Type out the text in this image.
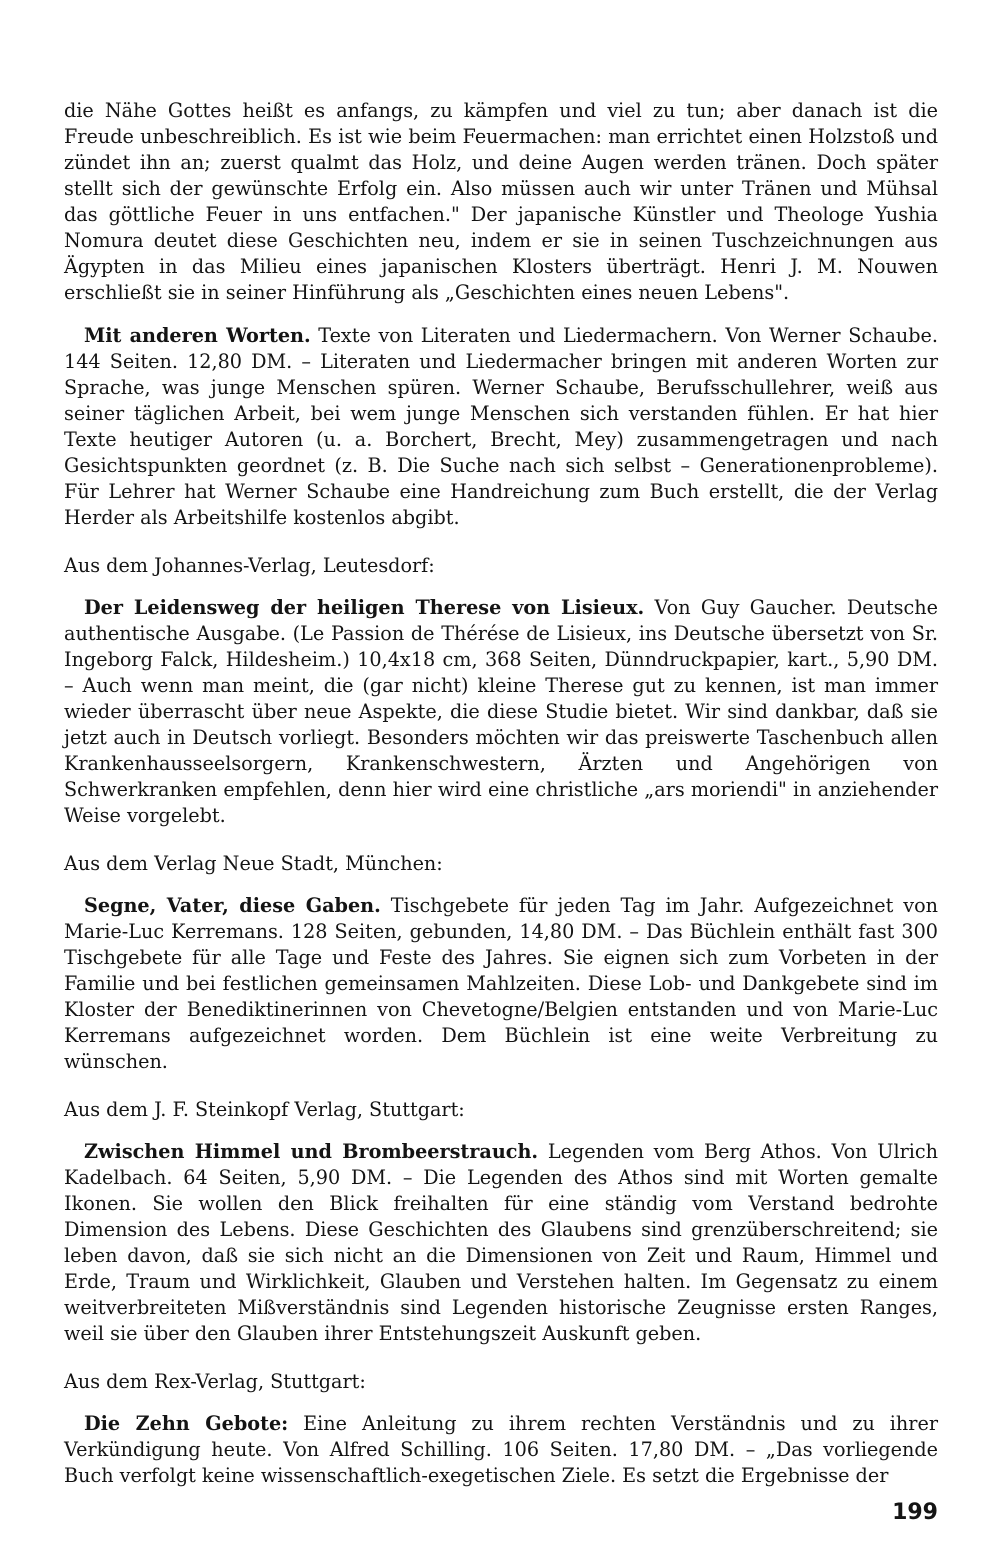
die Nähe Gottes heißt es anfangs, zu kämpfen und viel zu tun; aber danach ist die Freude unbeschreiblich. Es ist wie beim Feuermachen: man errichtet einen Holzstoß und zündet ihn an; zuerst qualmt das Holz, und deine Augen werden tränen. Doch später stellt sich der gewünschte Erfolg ein. Also müssen auch wir unter Tränen und Mühsal das göttliche Feuer in uns entfachen." Der japanische Künstler und Theologe Yushia Nomura deutet diese Geschichten neu, indem er sie in seinen Tuschzeichnungen aus Ägypten in das Milieu eines japanischen Klosters überträgt. Henri J. M. Nouwen erschließt sie in seiner Hinführung als „Geschichten eines neuen Lebens".

Mit anderen Worten. Texte von Literaten und Liedermachern. Von Werner Schaube. 144 Seiten. 12,80 DM. – Literaten und Liedermacher bringen mit anderen Worten zur Sprache, was junge Menschen spüren. Werner Schaube, Berufsschullehrer, weiß aus seiner täglichen Arbeit, bei wem junge Menschen sich verstanden fühlen. Er hat hier Texte heutiger Autoren (u. a. Borchert, Brecht, Mey) zusammengetragen und nach Gesichtspunkten geordnet (z. B. Die Suche nach sich selbst – Generationenprobleme). Für Lehrer hat Werner Schaube eine Handreichung zum Buch erstellt, die der Verlag Herder als Arbeitshilfe kostenlos abgibt.

Aus dem Johannes-Verlag, Leutesdorf:

Der Leidensweg der heiligen Therese von Lisieux. Von Guy Gaucher. Deutsche authentische Ausgabe. (Le Passion de Thérése de Lisieux, ins Deutsche übersetzt von Sr. Ingeborg Falck, Hildesheim.) 10,4x18 cm, 368 Seiten, Dünndruckpapier, kart., 5,90 DM. – Auch wenn man meint, die (gar nicht) kleine Therese gut zu kennen, ist man immer wieder überrascht über neue Aspekte, die diese Studie bietet. Wir sind dankbar, daß sie jetzt auch in Deutsch vorliegt. Besonders möchten wir das preiswerte Taschenbuch allen Krankenhausseelsorgern, Krankenschwestern, Ärzten und Angehörigen von Schwerkranken empfehlen, denn hier wird eine christliche „ars moriendi" in anziehender Weise vorgelebt.

Aus dem Verlag Neue Stadt, München:

Segne, Vater, diese Gaben. Tischgebete für jeden Tag im Jahr. Aufgezeichnet von Marie-Luc Kerremans. 128 Seiten, gebunden, 14,80 DM. – Das Büchlein enthält fast 300 Tischgebete für alle Tage und Feste des Jahres. Sie eignen sich zum Vorbeten in der Familie und bei festlichen gemeinsamen Mahlzeiten. Diese Lob- und Dankgebete sind im Kloster der Benediktinerinnen von Chevetogne/Belgien entstanden und von Marie-Luc Kerremans aufgezeichnet worden. Dem Büchlein ist eine weite Verbreitung zu wünschen.

Aus dem J. F. Steinkopf Verlag, Stuttgart:

Zwischen Himmel und Brombeerstrauch. Legenden vom Berg Athos. Von Ulrich Kadelbach. 64 Seiten, 5,90 DM. – Die Legenden des Athos sind mit Worten gemalte Ikonen. Sie wollen den Blick freihalten für eine ständig vom Verstand bedrohte Dimension des Lebens. Diese Geschichten des Glaubens sind grenzüberschreitend; sie leben davon, daß sie sich nicht an die Dimensionen von Zeit und Raum, Himmel und Erde, Traum und Wirklichkeit, Glauben und Verstehen halten. Im Gegensatz zu einem weitverbreiteten Mißverständnis sind Legenden historische Zeugnisse ersten Ranges, weil sie über den Glauben ihrer Entstehungszeit Auskunft geben.

Aus dem Rex-Verlag, Stuttgart:

Die Zehn Gebote: Eine Anleitung zu ihrem rechten Verständnis und zu ihrer Verkündigung heute. Von Alfred Schilling. 106 Seiten. 17,80 DM. – „Das vorliegende Buch verfolgt keine wissenschaftlich-exegetischen Ziele. Es setzt die Ergebnisse der

199
